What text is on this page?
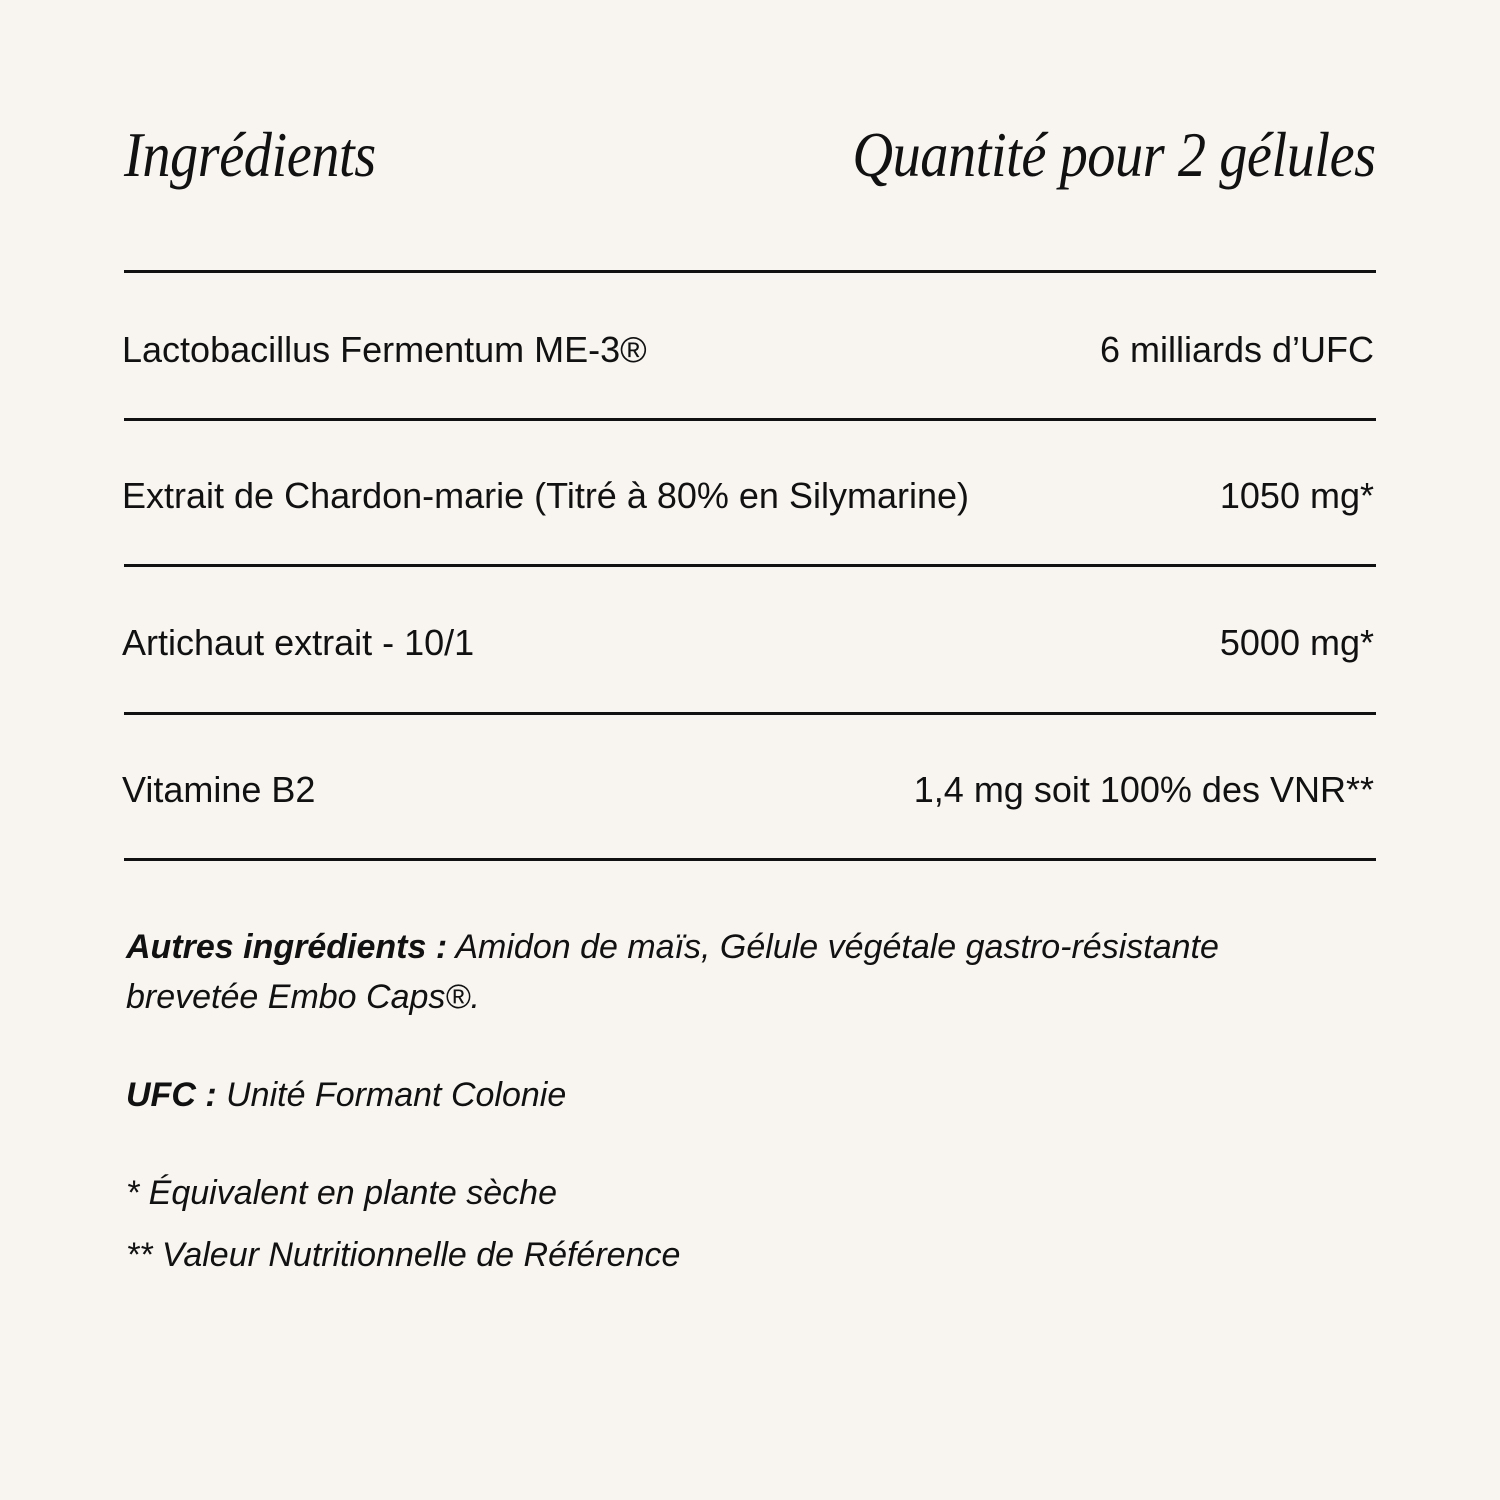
Ingrédients	Quantité pour 2 gélules
Lactobacillus Fermentum ME-3®	6 milliards d’UFC
Extrait de Chardon-marie (Titré à 80% en Silymarine)	1050 mg*
Artichaut extrait - 10/1	5000 mg*
Vitamine B2	1,4 mg soit 100% des VNR**

Autres ingrédients : Amidon de maïs, Gélule végétale gastro-résistante brevetée Embo Caps®.

UFC : Unité Formant Colonie

* Équivalent en plante sèche

** Valeur Nutritionnelle de Référence
